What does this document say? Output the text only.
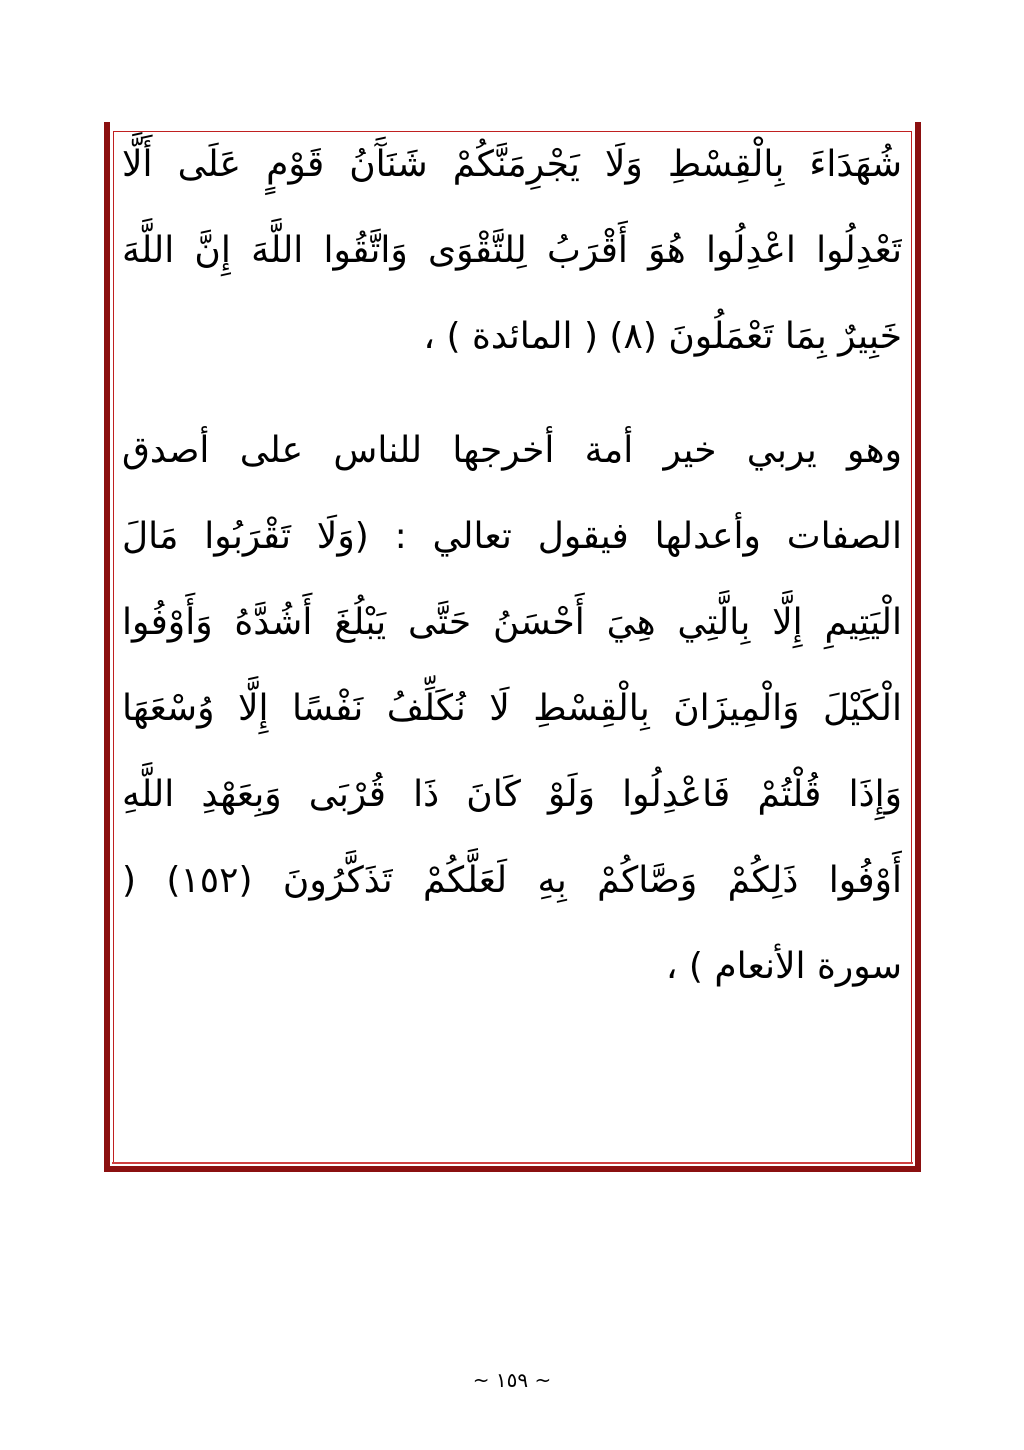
شُهَدَاءَ بِالْقِسْطِ وَلَا يَجْرِمَنَّكُمْ شَنَآَنُ قَوْمٍ عَلَى أَلَّا
تَعْدِلُوا اعْدِلُوا هُوَ أَقْرَبُ لِلتَّقْوَى وَاتَّقُوا اللَّهَ إِنَّ اللَّهَ
خَبِيرٌ بِمَا تَعْمَلُونَ (٨) ( المائدة ) ،
وهو يربي خير أمة أخرجها للناس على أصدق
الصفات وأعدلها فيقول تعالي : (وَلَا تَقْرَبُوا مَالَ
الْيَتِيمِ إِلَّا بِالَّتِي هِيَ أَحْسَنُ حَتَّى يَبْلُغَ أَشُدَّهُ وَأَوْفُوا
الْكَيْلَ وَالْمِيزَانَ بِالْقِسْطِ لَا نُكَلِّفُ نَفْسًا إِلَّا وُسْعَهَا
وَإِذَا قُلْتُمْ فَاعْدِلُوا وَلَوْ كَانَ ذَا قُرْبَى وَبِعَهْدِ اللَّهِ
أَوْفُوا ذَلِكُمْ وَصَّاكُمْ بِهِ لَعَلَّكُمْ تَذَكَّرُونَ (١٥٢) (
سورة الأنعام ) ،
~ ١٥٩ ~
